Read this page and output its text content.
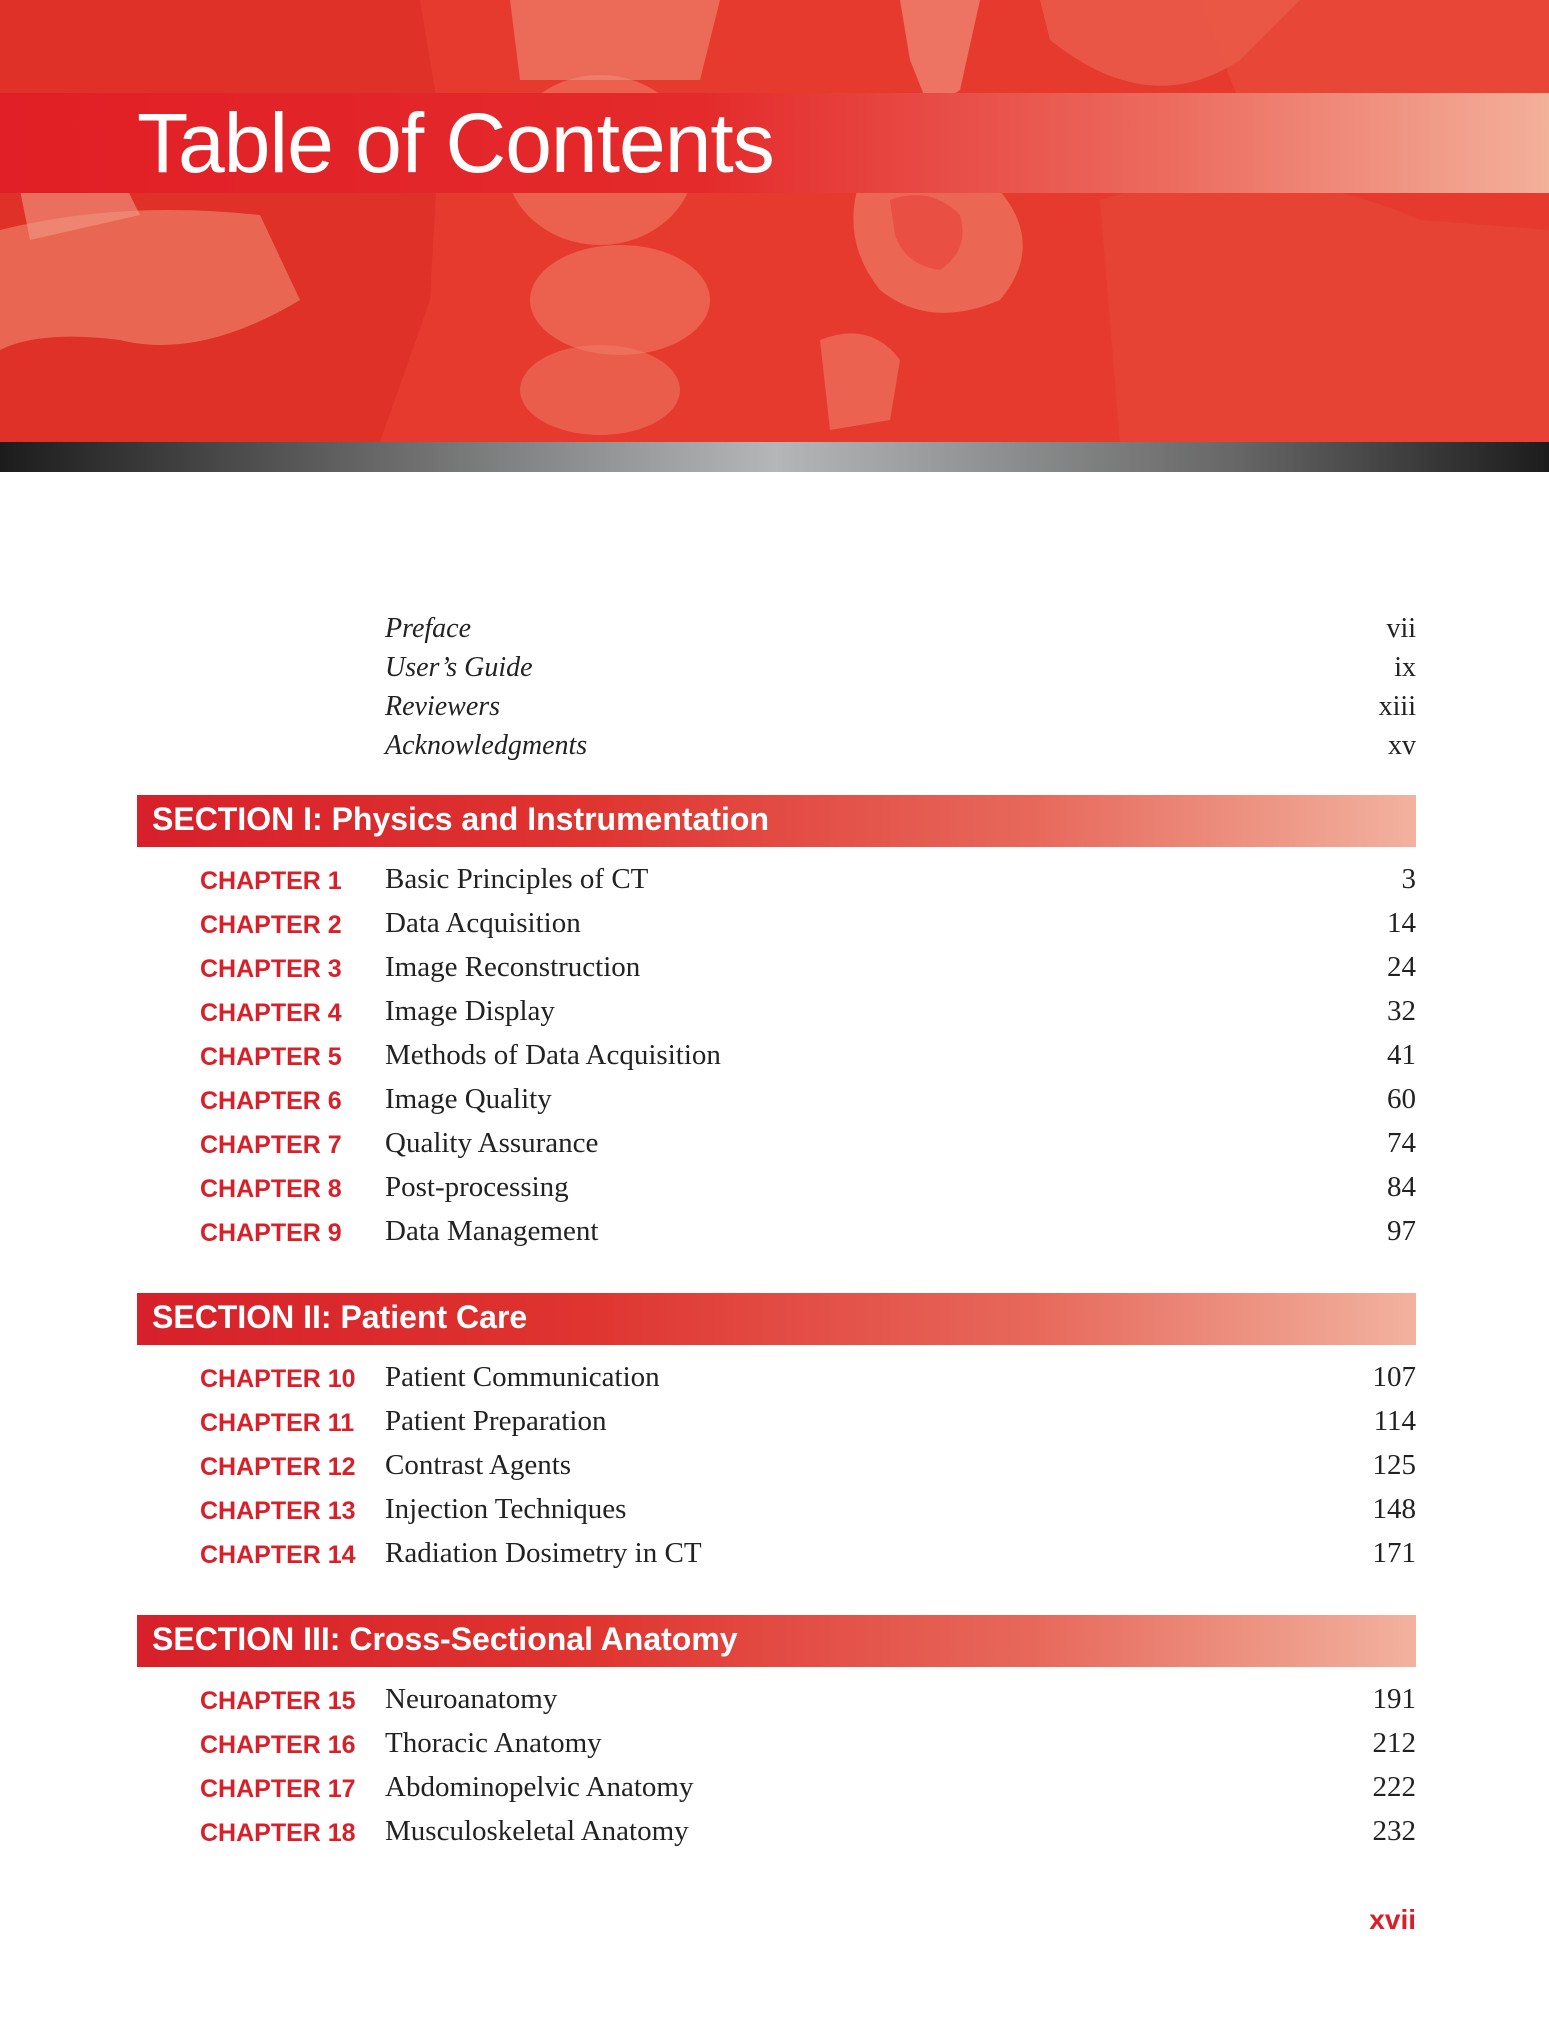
Table of Contents
Preface	vii
User’s Guide	ix
Reviewers	xiii
Acknowledgments	xv
SECTION I: Physics and Instrumentation
CHAPTER 1 Basic Principles of CT	3
CHAPTER 2 Data Acquisition	14
CHAPTER 3 Image Reconstruction	24
CHAPTER 4 Image Display	32
CHAPTER 5 Methods of Data Acquisition	41
CHAPTER 6 Image Quality	60
CHAPTER 7 Quality Assurance	74
CHAPTER 8 Post-processing	84
CHAPTER 9 Data Management	97
SECTION II: Patient Care
CHAPTER 10 Patient Communication	107
CHAPTER 11 Patient Preparation	114
CHAPTER 12 Contrast Agents	125
CHAPTER 13 Injection Techniques	148
CHAPTER 14 Radiation Dosimetry in CT	171
SECTION III: Cross-Sectional Anatomy
CHAPTER 15 Neuroanatomy	191
CHAPTER 16 Thoracic Anatomy	212
CHAPTER 17 Abdominopelvic Anatomy	222
CHAPTER 18 Musculoskeletal Anatomy	232
xvii
